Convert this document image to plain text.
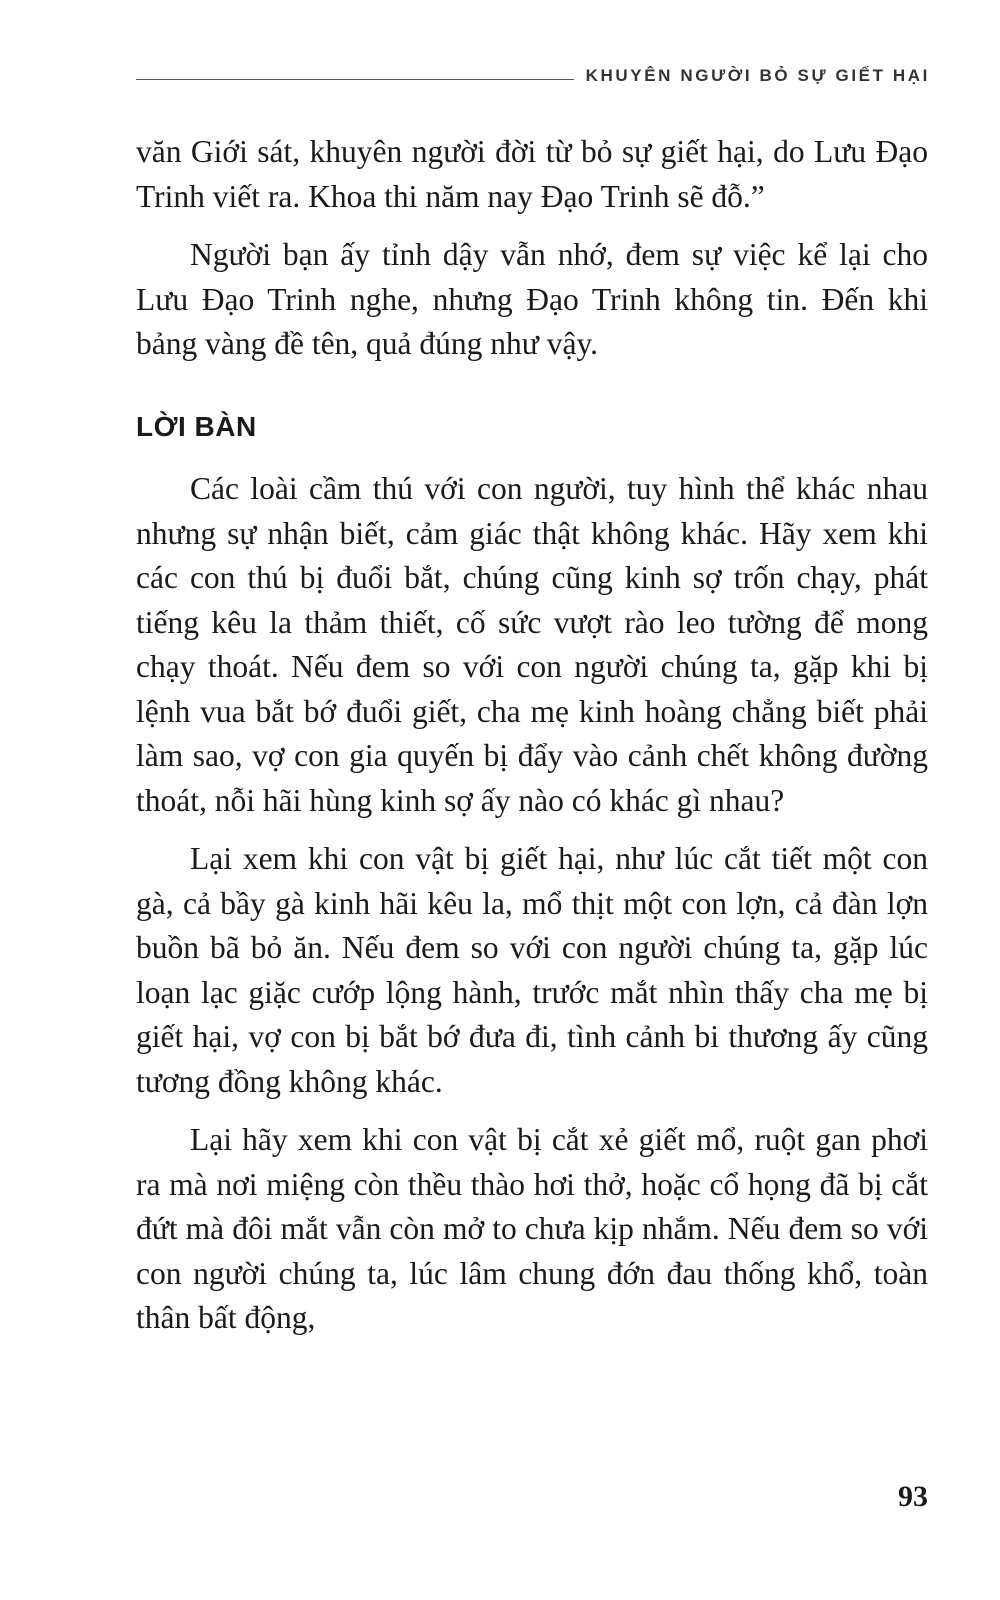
KHUYÊN NGƯỜI BỎ SỰ GIẾT HẠI

văn Giới sát, khuyên người đời từ bỏ sự giết hại, do Lưu Đạo Trinh viết ra. Khoa thi năm nay Đạo Trinh sẽ đỗ.”

Người bạn ấy tỉnh dậy vẫn nhớ, đem sự việc kể lại cho Lưu Đạo Trinh nghe, nhưng Đạo Trinh không tin. Đến khi bảng vàng đề tên, quả đúng như vậy.

LỜI BÀN

Các loài cầm thú với con người, tuy hình thể khác nhau nhưng sự nhận biết, cảm giác thật không khác. Hãy xem khi các con thú bị đuổi bắt, chúng cũng kinh sợ trốn chạy, phát tiếng kêu la thảm thiết, cố sức vượt rào leo tường để mong chạy thoát. Nếu đem so với con người chúng ta, gặp khi bị lệnh vua bắt bớ đuổi giết, cha mẹ kinh hoàng chẳng biết phải làm sao, vợ con gia quyến bị đẩy vào cảnh chết không đường thoát, nỗi hãi hùng kinh sợ ấy nào có khác gì nhau?

Lại xem khi con vật bị giết hại, như lúc cắt tiết một con gà, cả bầy gà kinh hãi kêu la, mổ thịt một con lợn, cả đàn lợn buồn bã bỏ ăn. Nếu đem so với con người chúng ta, gặp lúc loạn lạc giặc cướp lộng hành, trước mắt nhìn thấy cha mẹ bị giết hại, vợ con bị bắt bớ đưa đi, tình cảnh bi thương ấy cũng tương đồng không khác.

Lại hãy xem khi con vật bị cắt xẻ giết mổ, ruột gan phơi ra mà nơi miệng còn thều thào hơi thở, hoặc cổ họng đã bị cắt đứt mà đôi mắt vẫn còn mở to chưa kịp nhắm. Nếu đem so với con người chúng ta, lúc lâm chung đớn đau thống khổ, toàn thân bất động,

93
